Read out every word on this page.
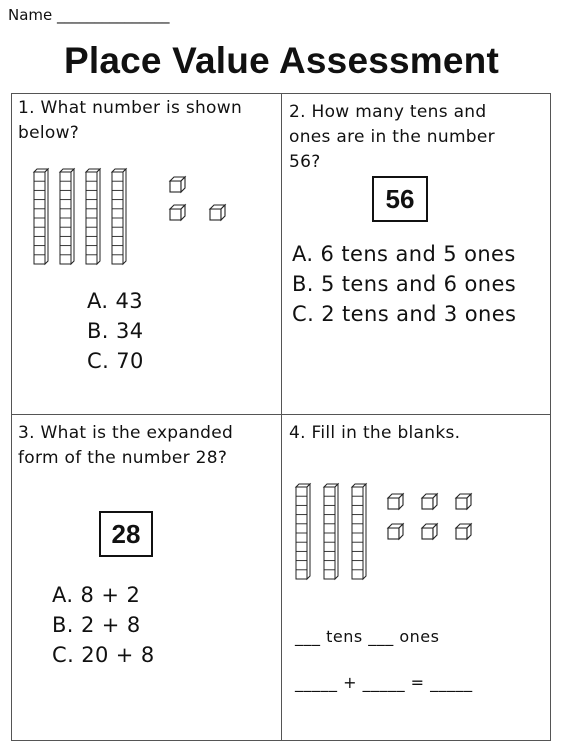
Name _______________
Place Value Assessment
1. What number is shown
below?
A. 43
B. 34
C. 70
2. How many tens and
ones are in the number
56?
56
A. 6 tens and 5 ones
B. 5 tens and 6 ones
C. 2 tens and 3 ones
3. What is the expanded
form of the number 28?
28
A. 8 + 2
B. 2 + 8
C. 20 + 8
4. Fill in the blanks.
___ tens ___ ones
_____ + _____ = _____
